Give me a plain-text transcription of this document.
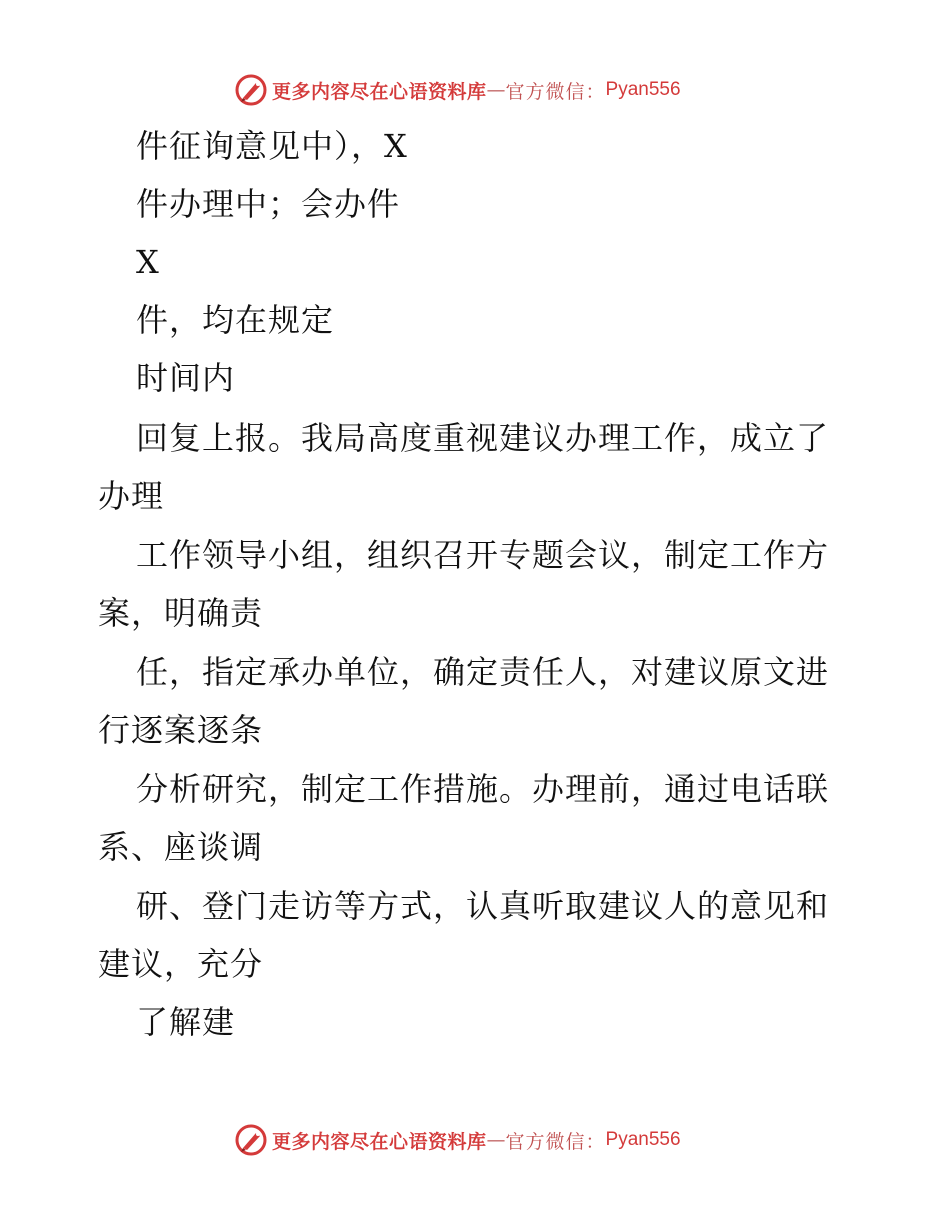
更多内容尽在心语资料库 — 官方微信： Pyan556
件征询意见中），X
件办理中；会办件
X
件，均在规定
时间内
回复上报。我局高度重视建议办理工作，成立了
办理
工作领导小组，组织召开专题会议，制定工作方
案，明确责
任，指定承办单位，确定责任人，对建议原文进
行逐案逐条
分析研究，制定工作措施。办理前，通过电话联
系、座谈调
研、登门走访等方式，认真听取建议人的意见和
建议，充分
了解建
更多内容尽在心语资料库 — 官方微信： Pyan556
